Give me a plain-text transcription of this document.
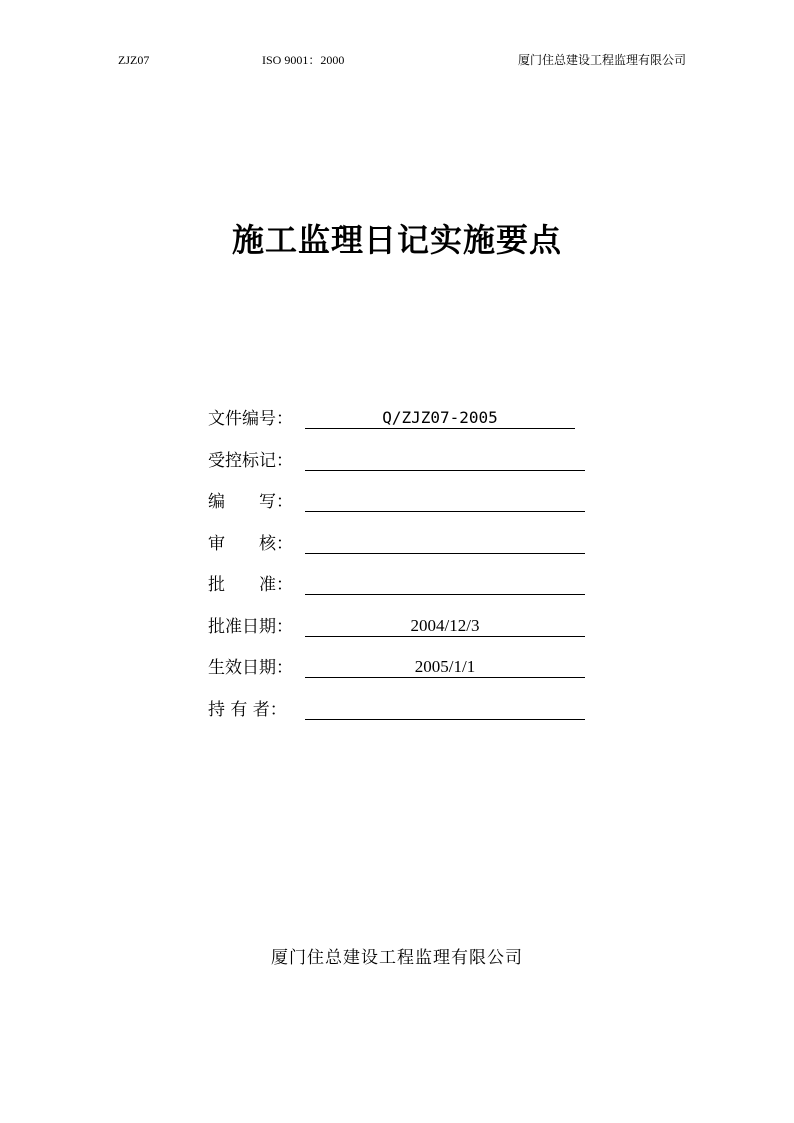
ZJZ07	ISO 9001：2000	厦门住总建设工程监理有限公司
施工监理日记实施要点
文件编号：	Q/ZJZ07-2005
受控标记：
编　　写：
审　　核：
批　　准：
批准日期：	2004/12/3
生效日期：	2005/1/1
持 有 者：
厦门住总建设工程监理有限公司
